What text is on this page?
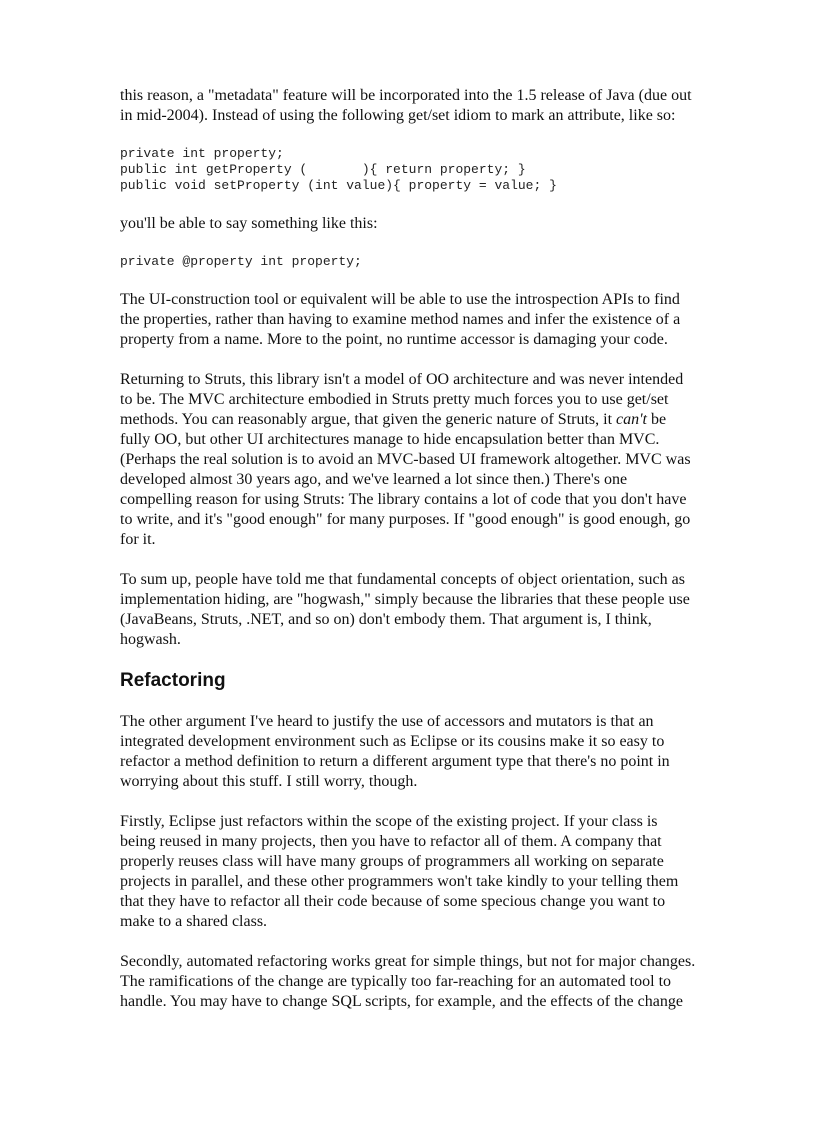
this reason, a "metadata" feature will be incorporated into the 1.5 release of Java (due out
in mid-2004). Instead of using the following get/set idiom to mark an attribute, like so:

private int property;
public int getProperty (       ){ return property; }
public void setProperty (int value){ property = value; }

you'll be able to say something like this:

private @property int property;

The UI-construction tool or equivalent will be able to use the introspection APIs to find
the properties, rather than having to examine method names and infer the existence of a
property from a name. More to the point, no runtime accessor is damaging your code.

Returning to Struts, this library isn't a model of OO architecture and was never intended
to be. The MVC architecture embodied in Struts pretty much forces you to use get/set
methods. You can reasonably argue, that given the generic nature of Struts, it can't be
fully OO, but other UI architectures manage to hide encapsulation better than MVC.
(Perhaps the real solution is to avoid an MVC-based UI framework altogether. MVC was
developed almost 30 years ago, and we've learned a lot since then.) There's one
compelling reason for using Struts: The library contains a lot of code that you don't have
to write, and it's "good enough" for many purposes. If "good enough" is good enough, go
for it.

To sum up, people have told me that fundamental concepts of object orientation, such as
implementation hiding, are "hogwash," simply because the libraries that these people use
(JavaBeans, Struts, .NET, and so on) don't embody them. That argument is, I think,
hogwash.

Refactoring

The other argument I've heard to justify the use of accessors and mutators is that an
integrated development environment such as Eclipse or its cousins make it so easy to
refactor a method definition to return a different argument type that there's no point in
worrying about this stuff. I still worry, though.

Firstly, Eclipse just refactors within the scope of the existing project. If your class is
being reused in many projects, then you have to refactor all of them. A company that
properly reuses class will have many groups of programmers all working on separate
projects in parallel, and these other programmers won't take kindly to your telling them
that they have to refactor all their code because of some specious change you want to
make to a shared class.

Secondly, automated refactoring works great for simple things, but not for major changes.
The ramifications of the change are typically too far-reaching for an automated tool to
handle. You may have to change SQL scripts, for example, and the effects of the change
